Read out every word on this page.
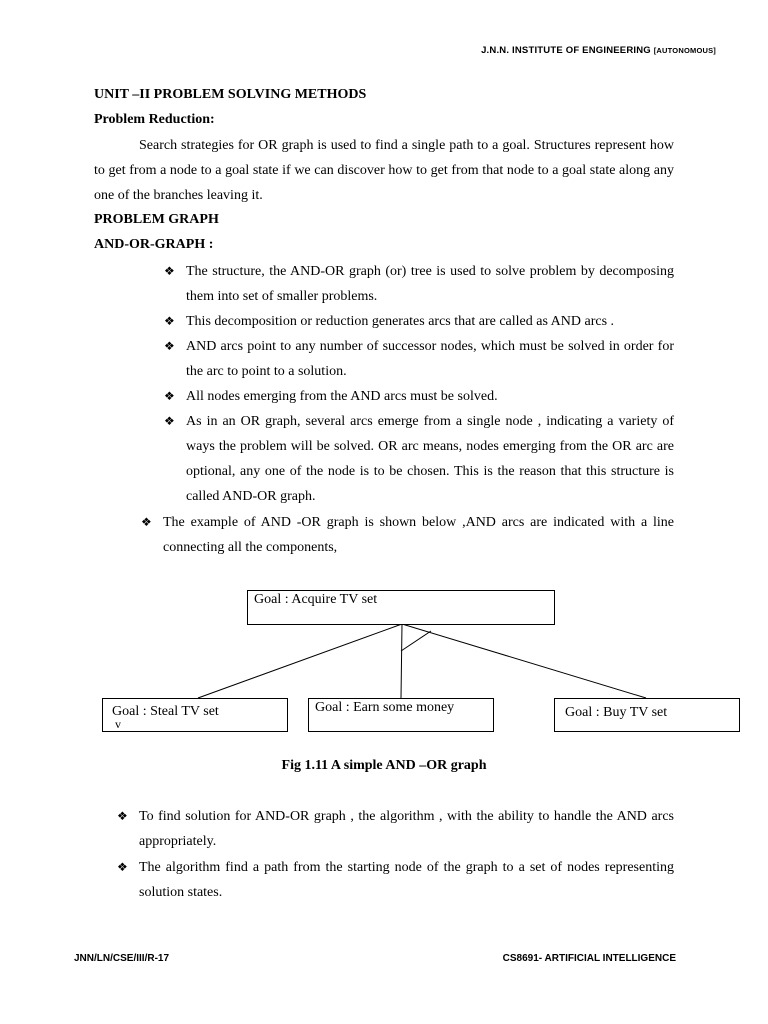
J.N.N. INSTITUTE OF ENGINEERING [AUTONOMOUS]
UNIT –II PROBLEM SOLVING METHODS
Problem Reduction:
Search strategies for OR graph is used to find a single path to a goal. Structures represent how to get from a node to a goal state if we can discover how to get from that node to a goal state along any one of the branches leaving it.
PROBLEM GRAPH
AND-OR-GRAPH :
❖ The structure, the AND-OR graph (or) tree is used to solve problem by decomposing them into set of smaller problems.
❖ This decomposition or reduction generates arcs that are called as AND arcs .
❖ AND arcs point to any number of successor nodes, which must be solved in order for the arc to point to a solution.
❖ All nodes emerging from the AND arcs must be solved.
❖ As in an OR graph, several arcs emerge from a single node , indicating a variety of ways the problem will be solved. OR arc means, nodes emerging from the OR arc are optional, any one of the node is to be chosen. This is the reason that this structure is called AND-OR graph.
❖ The example of AND -OR graph is shown below ,AND arcs are indicated with a line connecting all the components,
Goal : Acquire TV set
Goal : Steal TV set
v
Goal : Earn some money	Goal : Buy TV set
Fig 1.11 A simple AND –OR graph
❖ To find solution for AND-OR graph , the algorithm , with the ability to handle the AND arcs appropriately.
❖ The algorithm find a path from the starting node of the graph to a set of nodes representing solution states.
JNN/LN/CSE/III/R-17	CS8691- ARTIFICIAL INTELLIGENCE
